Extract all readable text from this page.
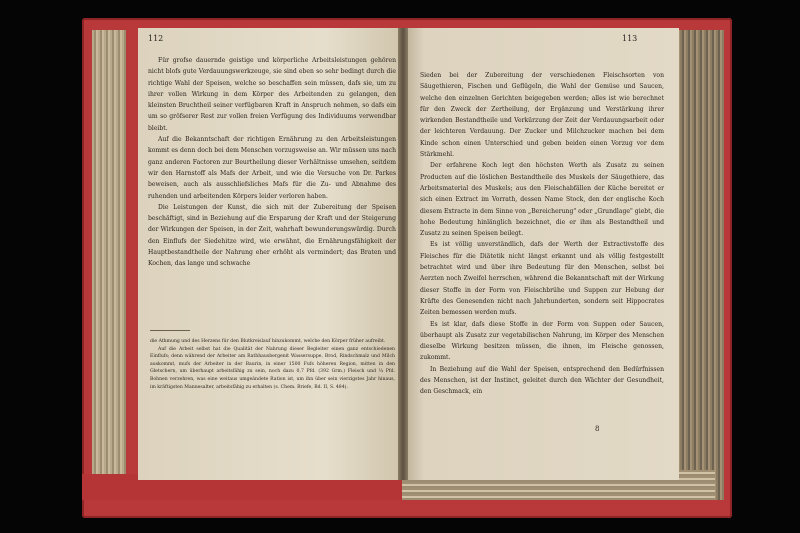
112	113

Für grofse dauernde geistige und körperliche Arbeitsleistungen gehören nicht blofs gute Verdauungswerkzeuge, sie sind eben so sehr bedingt durch die richtige Wahl der Speisen, welche so beschaffen sein müssen, dafs sie, um zu ihrer vollen Wirkung in dem Körper des Arbeitenden zu gelangen, den kleinsten Bruchtheil seiner verfügbaren Kraft in Anspruch nehmen, so dafs ein um so gröfserer Rest zur vollen freien Verfügung des Individuums verwendbar bleibt.

Auf die Bekanntschaft der richtigen Ernährung zu den Arbeitsleistungen kommt es denn doch bei dem Menschen vorzugsweise an. Wir müssen uns nach ganz anderen Factoren zur Beurtheilung dieser Verhältnisse umsehen, seitdem wir den Harnstoff als Mafs der Arbeit, und wie die Versuche von Dr. Parkes beweisen, auch als ausschliefsliches Mafs für die Zu- und Abnahme des ruhenden und arbeitenden Körpers leider verloren haben.

Die Leistungen der Kunst, die sich mit der Zubereitung der Speisen beschäftigt, sind in Beziehung auf die Ersparung der Kraft und der Steigerung der Wirkungen der Speisen, in der Zeit, wahrhaft bewunderungswürdig. Durch den Einflufs der Siedehitze wird, wie erwähnt, die Ernährungsfähigkeit der Hauptbestandtheile der Nahrung eher erhöht als vermindert; das Braten und Kochen, das lange und schwache

die Athmung und des Herzens für den Blutkreislauf hinzukommt, welche den Körper früher aufreibt.

Auf die Arbeit selbst hat die Qualität der Nahrung dieser Begleiter einen ganz entschiedenen Einflufs; denn während der Arbeiter am Rathhausbergenit Wassersuppe, Brod, Rindschmalz und Milch auskommt, mufs der Arbeiter in der Baurin, in einer 1500 Fufs höheren Region, mitten in den Gletschern, um überhaupt arbeitsfähig zu sein, noch dazu 0,7 Pfd. (392 Grm.) Fleisch und ¼ Pfd. Bohnen verzehren, was eine weitaus umgeändete Ration ist, um ihn über sein vierzigstes Jahr hinaus, im kräftigsten Mannesalter, arbeitsfähig zu erhalten (s. Chem. Briefe, Bd. II, S. 484).

Sieden bei der Zubereitung der verschiedenen Fleischsorten von Säugethieren, Fischen und Geflügeln, die Wahl der Gemüse und Saucen, welche den einzelnen Gerichten beigegeben werden; alles ist wie berechnet für den Zweck der Zertheilung, der Ergänzung und Verstärkung ihrer wirkenden Bestandtheile und Verkürzung der Zeit der Verdauungsarbeit oder der leichteren Verdauung. Der Zucker und Milchzucker machen bei dem Kinde schon einen Unterschied und geben beiden einen Vorzug vor dem Stärkmehl.

Der erfahrene Koch legt den höchsten Werth als Zusatz zu seinen Producten auf die löslichen Bestandtheile des Muskels der Säugethiere, das Arbeitsmaterial des Muskels; aus den Fleischabfällen der Küche bereitet er sich einen Extract im Vorrath, dessen Name Stock, den der englische Koch diesem Extracte in dem Sinne von „Bereicherung" oder „Grundlage" giebt, die hohe Bedeutung hinlänglich bezeichnet, die er ihm als Bestandtheil und Zusatz zu seinen Speisen beilegt.

Es ist völlig unverständlich, dafs der Werth der Extractivstoffe des Fleisches für die Diätetik nicht längst erkannt und als völlig festgestellt betrachtet wird und über ihre Bedeutung für den Menschen, selbst bei Aerzten noch Zweifel herrschen, während die Bekanntschaft mit der Wirkung dieser Stoffe in der Form von Fleischbrühe und Suppen zur Hebung der Kräfte des Genesenden nicht nach Jahrhunderten, sondern seit Hippocrates Zeiten bemessen werden mufs.

Es ist klar, dafs diese Stoffe in der Form von Suppen oder Saucen, überhaupt als Zusatz zur vegetabilischen Nahrung, im Körper des Menschen dieselbe Wirkung besitzen müssen, die ihnen, im Fleische genossen, zukommt.

In Beziehung auf die Wahl der Speisen, entsprechend den Bedürfnissen des Menschen, ist der Instinct, geleitet durch den Wächter der Gesundheit, den Geschmack, ein

8
